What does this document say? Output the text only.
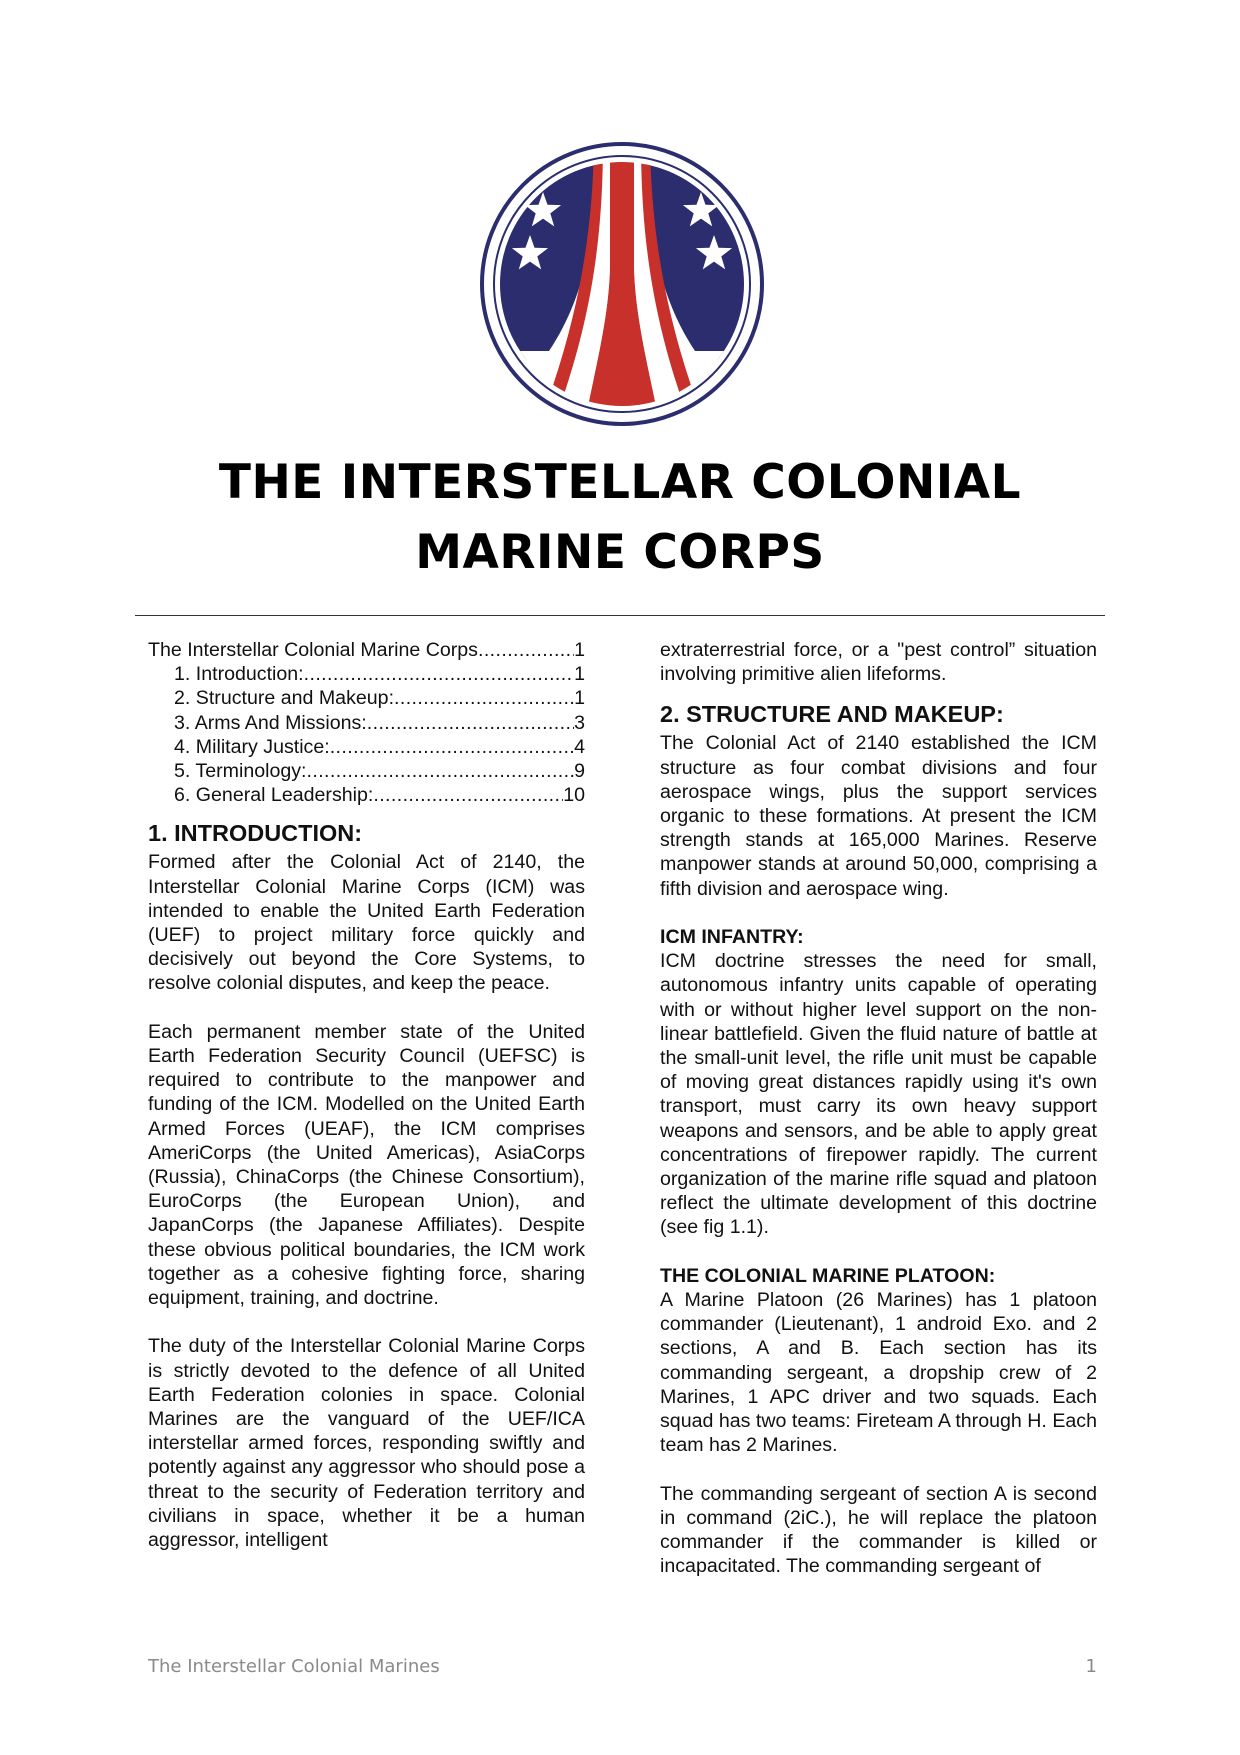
THE INTERSTELLAR COLONIAL
MARINE CORPS
The Interstellar Colonial Marine Corps .....	1
1. Introduction: .....	1
2. Structure and Makeup: .....	1
3. Arms And Missions: .....	3
4. Military Justice: .....	4
5. Terminology: .....	9
6. General Leadership: .....	10
1. INTRODUCTION:

Formed after the Colonial Act of 2140, the Interstellar Colonial Marine Corps (ICM) was intended to enable the United Earth Federation (UEF) to project military force quickly and decisively out beyond the Core Systems, to resolve colonial disputes, and keep the peace.

Each permanent member state of the United Earth Federation Security Council (UEFSC) is required to contribute to the manpower and funding of the ICM. Modelled on the United Earth Armed Forces (UEAF), the ICM comprises AmeriCorps (the United Americas), AsiaCorps (Russia), ChinaCorps (the Chinese Consortium), EuroCorps (the European Union), and JapanCorps (the Japanese Affiliates). Despite these obvious political boundaries, the ICM work together as a cohesive fighting force, sharing equipment, training, and doctrine.

The duty of the Interstellar Colonial Marine Corps is strictly devoted to the defence of all United Earth Federation colonies in space. Colonial Marines are the vanguard of the UEF/ICA interstellar armed forces, responding swiftly and potently against any aggressor who should pose a threat to the security of Federation territory and civilians in space, whether it be a human aggressor, intelligent

extraterrestrial force, or a "pest control” situation involving primitive alien lifeforms.

2. STRUCTURE AND MAKEUP:

The Colonial Act of 2140 established the ICM structure as four combat divisions and four aerospace wings, plus the support services organic to these formations. At present the ICM strength stands at 165,000 Marines. Reserve manpower stands at around 50,000, comprising a fifth division and aerospace wing.

ICM INFANTRY:

ICM doctrine stresses the need for small, autonomous infantry units capable of operating with or without higher level support on the non-linear battlefield. Given the fluid nature of battle at the small-unit level, the rifle unit must be capable of moving great distances rapidly using it's own transport, must carry its own heavy support weapons and sensors, and be able to apply great concentrations of firepower rapidly. The current organization of the marine rifle squad and platoon reflect the ultimate development of this doctrine (see fig 1.1).

THE COLONIAL MARINE PLATOON:

A Marine Platoon (26 Marines) has 1 platoon commander (Lieutenant), 1 android Exo. and 2 sections, A and B. Each section has its commanding sergeant, a dropship crew of 2 Marines, 1 APC driver and two squads. Each squad has two teams: Fireteam A through H. Each team has 2 Marines.

The commanding sergeant of section A is second in command (2iC.), he will replace the platoon commander if the commander is killed or incapacitated. The commanding sergeant of

The Interstellar Colonial Marines	1
